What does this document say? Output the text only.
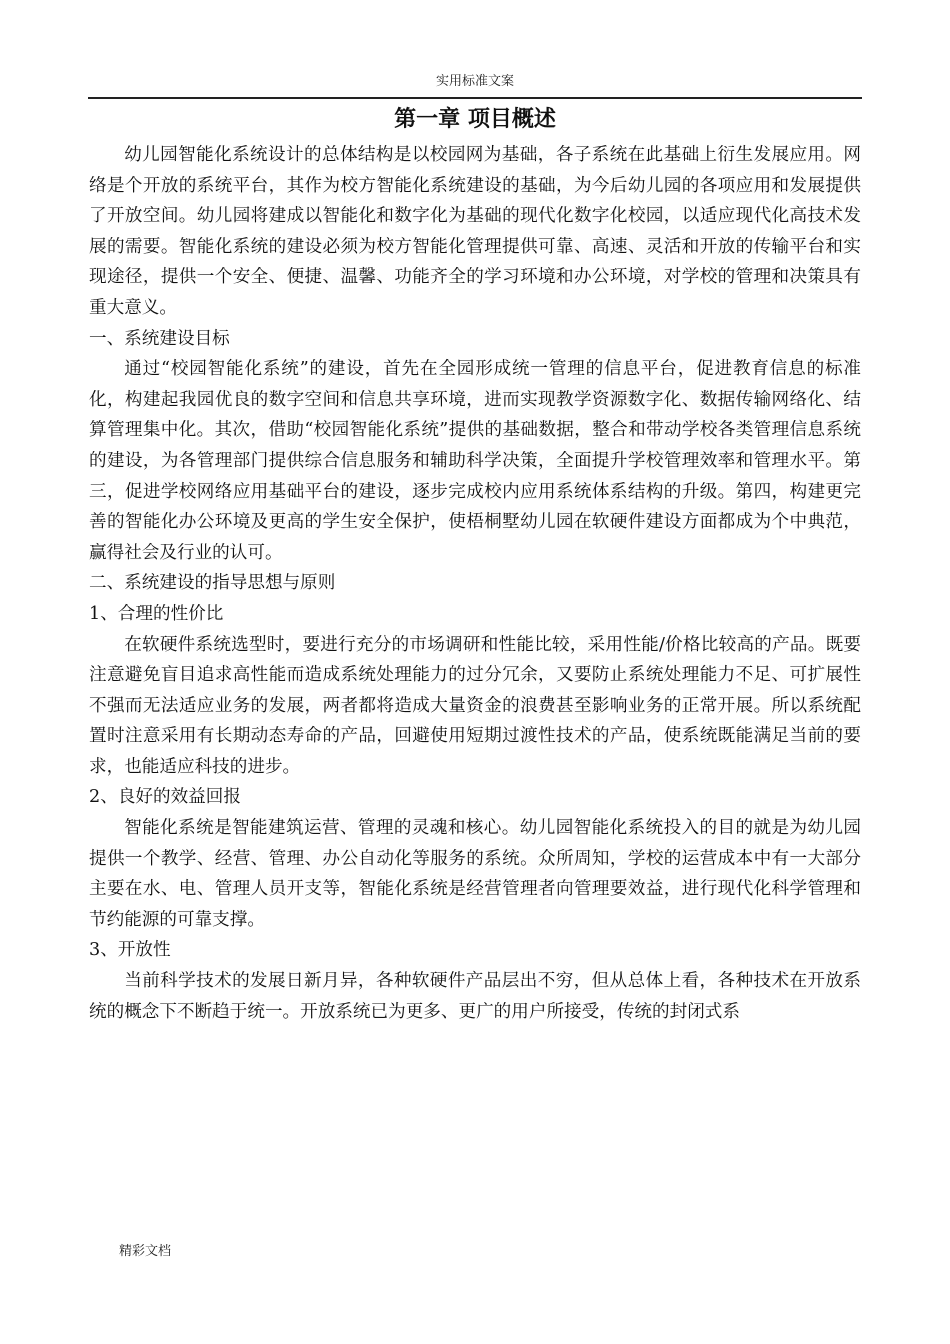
实用标准文案
第一章 项目概述

幼儿园智能化系统设计的总体结构是以校园网为基础，各子系统在此基础上衍生发展应用。网络是个开放的系统平台，其作为校方智能化系统建设的基础，为今后幼儿园的各项应用和发展提供了开放空间。幼儿园将建成以智能化和数字化为基础的现代化数字化校园，以适应现代化高技术发展的需要。智能化系统的建设必须为校方智能化管理提供可靠、高速、灵活和开放的传输平台和实现途径，提供一个安全、便捷、温馨、功能齐全的学习环境和办公环境，对学校的管理和决策具有重大意义。

一、系统建设目标

通过“校园智能化系统”的建设，首先在全园形成统一管理的信息平台，促进教育信息的标准化，构建起我园优良的数字空间和信息共享环境，进而实现教学资源数字化、数据传输网络化、结算管理集中化。其次，借助“校园智能化系统”提供的基础数据，整合和带动学校各类管理信息系统的建设，为各管理部门提供综合信息服务和辅助科学决策，全面提升学校管理效率和管理水平。第三，促进学校网络应用基础平台的建设，逐步完成校内应用系统体系结构的升级。第四，构建更完善的智能化办公环境及更高的学生安全保护，使梧桐墅幼儿园在软硬件建设方面都成为个中典范， 赢得社会及行业的认可。

二、系统建设的指导思想与原则

1、合理的性价比

在软硬件系统选型时，要进行充分的市场调研和性能比较，采用性能/价格比较高的产品。既要注意避免盲目追求高性能而造成系统处理能力的过分冗余，又要防止系统处理能力不足、可扩展性不强而无法适应业务的发展，两者都将造成大量资金的浪费甚至影响业务的正常开展。所以系统配置时注意采用有长期动态寿命的产品，回避使用短期过渡性技术的产品，使系统既能满足当前的要求，也能适应科技的进步。

2、良好的效益回报

智能化系统是智能建筑运营、管理的灵魂和核心。幼儿园智能化系统投入的目的就是为幼儿园提供一个教学、经营、管理、办公自动化等服务的系统。众所周知，学校的运营成本中有一大部分主要在水、电、管理人员开支等，智能化系统是经营管理者向管理要效益，进行现代化科学管理和节约能源的可靠支撑。

3、开放性

当前科学技术的发展日新月异，各种软硬件产品层出不穷，但从总体上看，各种技术在开放系统的概念下不断趋于统一。开放系统已为更多、更广的用户所接受，传统的封闭式系

精彩文档
